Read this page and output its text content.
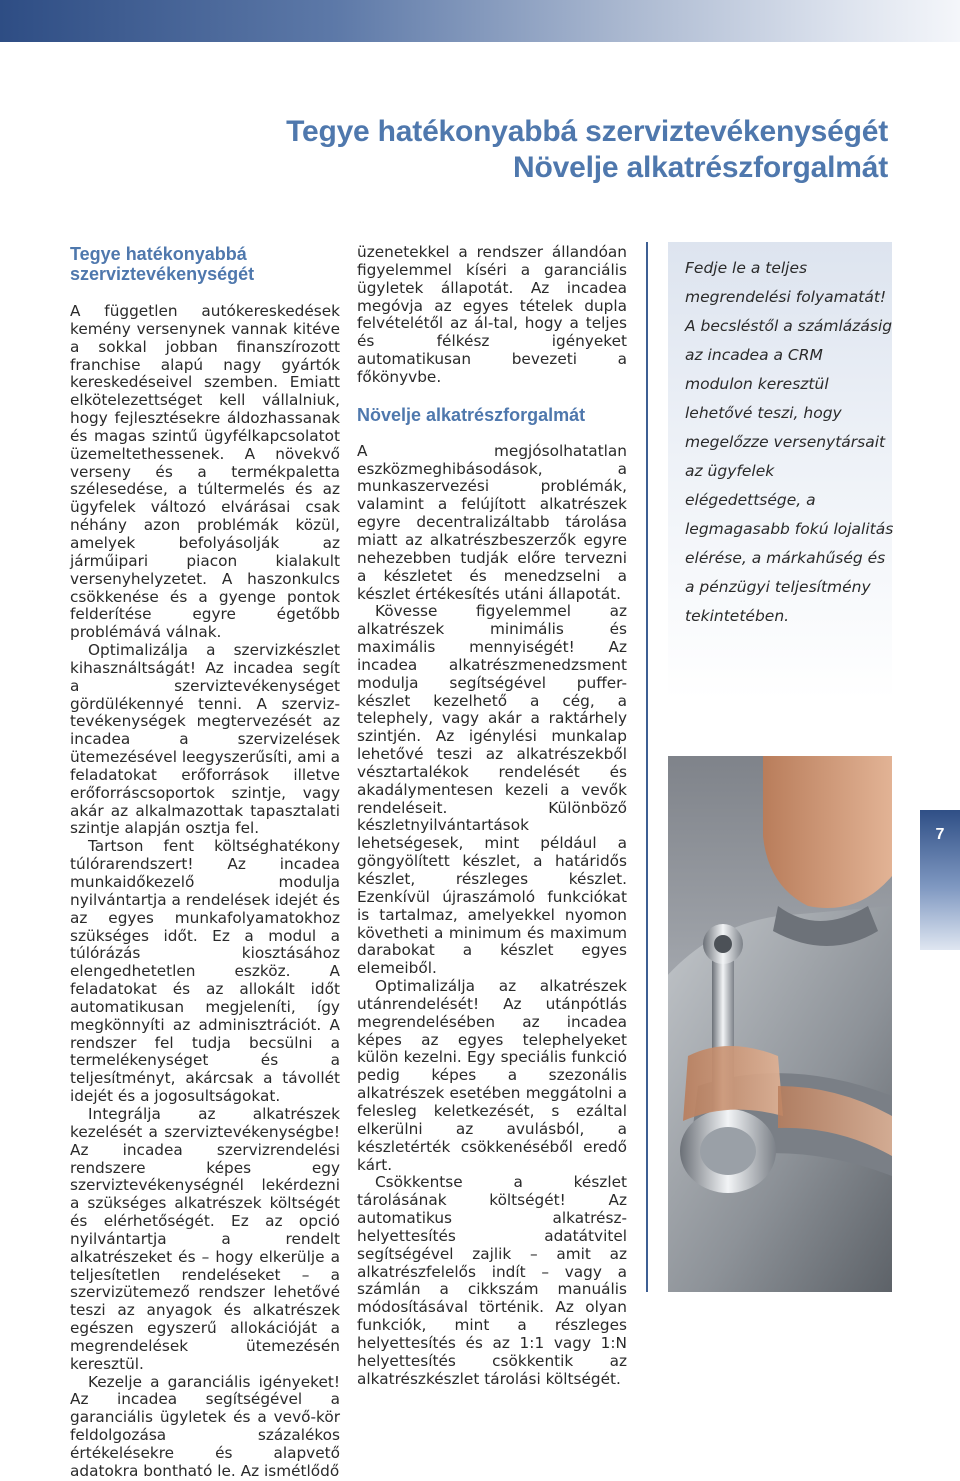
Tegye hatékonyabbá szerviztevékenységét
Növelje alkatrészforgalmát
Tegye hatékonyabbá szerviztevékenységét

A független autókereskedések kemény versenynek vannak kitéve a sokkal jobban finanszírozott franchise alapú nagy gyártók kereskedéseivel szemben. Emiatt elkötelezettséget kell vállalniuk, hogy fejlesztésekre áldozhassanak és magas szintű ügyfélkapcsolatot üzemeltethessenek. A növekvő verseny és a termékpaletta szélesedése, a túltermelés és az ügyfelek változó elvárásai csak néhány azon problémák közül, amelyek befolyásolják az járműipari piacon kialakult versenyhelyzetet. A haszonkulcs csökkenése és a gyenge pontok felderítése egyre égetőbb problémává válnak.

Optimalizálja a szervizkészlet kihasználtságát! Az incadea segít a szerviztevékenységet gördülékennyé tenni. A szerviz-tevékenységek megtervezését az incadea a szervizelések ütemezésével leegyszerűsíti, ami a feladatokat erőforrások illetve erőforráscsoportok szintje, vagy akár az alkalmazottak tapasztalati szintje alapján osztja fel.

Tartson fent költséghatékony túlórarendszert! Az incadea munkaidőkezelő modulja nyilvántartja a rendelések idejét és az egyes munkafolyamatokhoz szükséges időt. Ez a modul a túlórázás kiosztásához elengedhetetlen eszköz. A feladatokat és az allokált időt automatikusan megjeleníti, így megkönnyíti az adminisztrációt. A rendszer fel tudja becsülni a termelékenységet és a teljesítményt, akárcsak a távollét idejét és a jogosultságokat.

Integrálja az alkatrészek kezelését a szerviztevékenységbe! Az incadea szervizrendelési rendszere képes egy szerviztevékenységnél lekérdezni a szükséges alkatrészek költségét és elérhetőségét. Ez az opció nyilvántartja a rendelt alkatrészeket és – hogy elkerülje a teljesítetlen rendeléseket – a szervizütemező rendszer lehetővé teszi az anyagok és alkatrészek egészen egyszerű allokációját a megrendelések ütemezésén keresztül.

Kezelje a garanciális igényeket! Az incadea segítségével a garanciális ügyletek és a vevő-kör feldolgozása százalékos értékelésekre és alapvető adatokra bontható le. Az ismétlődő

üzenetekkel a rendszer állandóan figyelemmel kíséri a garanciális ügyletek állapotát. Az incadea megóvja az egyes tételek dupla felvételétől az ál-tal, hogy a teljes és félkész igényeket automatikusan bevezeti a főkönyvbe.

Növelje alkatrészforgalmát

A megjósolhatatlan eszközmeghibásodások, a munkaszervezési problémák, valamint a felújított alkatrészek egyre decentralizáltabb tárolása miatt az alkatrészbeszerzők egyre nehezebben tudják előre tervezni a készletet és menedzselni a készlet értékesítés utáni állapotát.

Kövesse figyelemmel az alkatrészek minimális és maximális mennyiségét! Az incadea alkatrészmenedzsment modulja segítségével puffer-készlet kezelhető a cég, a telephely, vagy akár a raktárhely szintjén. Az igénylési munkalap lehetővé teszi az alkatrészekből vésztartalékok rendelését és akadálymentesen kezeli a vevők rendeléseit. Különböző készletnyilvántartások lehetségesek, mint például a göngyölített készlet, a határidős készlet, részleges készlet. Ezenkívül újraszámoló funkciókat is tartalmaz, amelyekkel nyomon követheti a minimum és maximum darabokat a készlet egyes elemeiből.

Optimalizálja az alkatrészek utánrendelését! Az utánpótlás megrendelésében az incadea képes az egyes telephelyeket külön kezelni. Egy speciális funkció pedig képes a szezonális alkatrészek esetében meggátolni a felesleg keletkezését, s ezáltal elkerülni az avulásból, a készletérték csökkenéséből eredő kárt.

Csökkentse a készlet tárolásának költségét! Az automatikus alkatrész-helyettesítés adatátvitel segítségével zajlik – amit az alkatrészfelelős indít – vagy a számlán a cikkszám manuális módosításával történik. Az olyan funkciók, mint a részleges helyettesítés és az 1:1 vagy 1:N helyettesítés csökkentik az alkatrészkészlet tárolási költségét.

Fedje le a teljes megrendelési folyamatát! A becsléstől a számlázásig az incadea a CRM modulon keresztül lehetővé teszi, hogy megelőzze versenytársait az ügyfelek elégedettsége, a legmagasabb fokú lojalitás elérése, a márkahűség és a pénzügyi teljesítmény tekintetében.
7
